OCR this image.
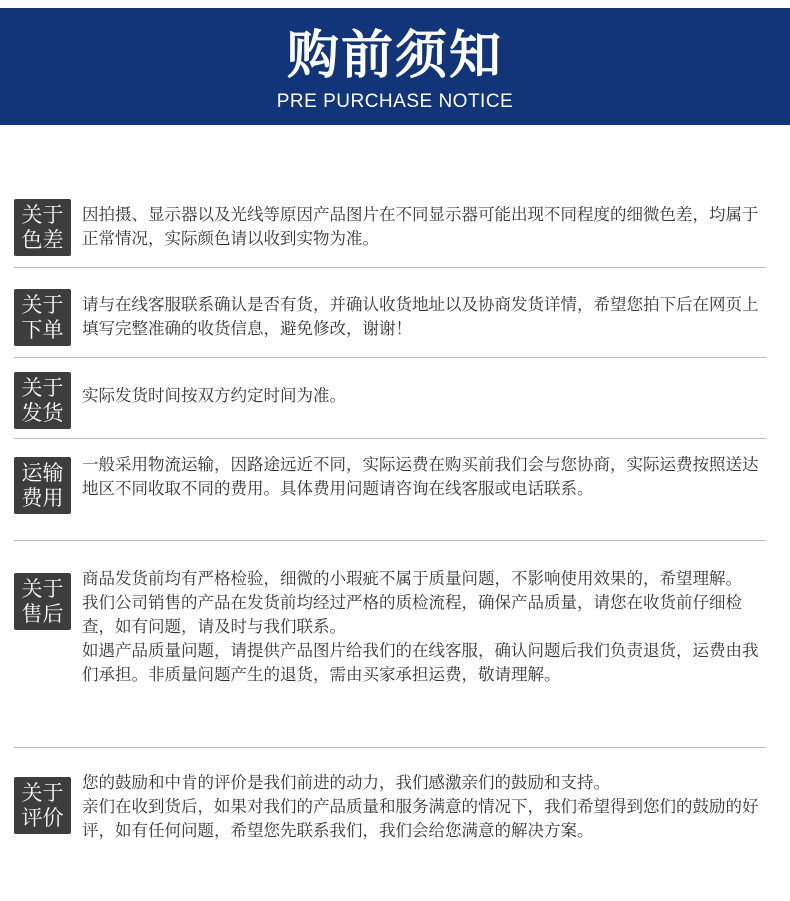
购前须知
PRE PURCHASE NOTICE
关于
色差

因拍摄、显示器以及光线等原因产品图片在不同显示器可能出现不同程度的细微色差，均属于正常情况，实际颜色请以收到实物为准。

关于
下单

请与在线客服联系确认是否有货，并确认收货地址以及协商发货详情，希望您拍下后在网页上填写完整准确的收货信息，避免修改，谢谢！

关于
发货

实际发货时间按双方约定时间为准。

运输
费用

一般采用物流运输，因路途远近不同，实际运费在购买前我们会与您协商，实际运费按照送达地区不同收取不同的费用。具体费用问题请咨询在线客服或电话联系。

关于
售后

商品发货前均有严格检验，细微的小瑕疵不属于质量问题，不影响使用效果的，希望理解。

我们公司销售的产品在发货前均经过严格的质检流程，确保产品质量，请您在收货前仔细检查，如有问题，请及时与我们联系。

如遇产品质量问题，请提供产品图片给我们的在线客服，确认问题后我们负责退货，运费由我们承担。非质量问题产生的退货，需由买家承担运费，敬请理解。

关于
评价

您的鼓励和中肯的评价是我们前进的动力，我们感激亲们的鼓励和支持。

亲们在收到货后，如果对我们的产品质量和服务满意的情况下，我们希望得到您们的鼓励的好评，如有任何问题，希望您先联系我们，我们会给您满意的解决方案。
